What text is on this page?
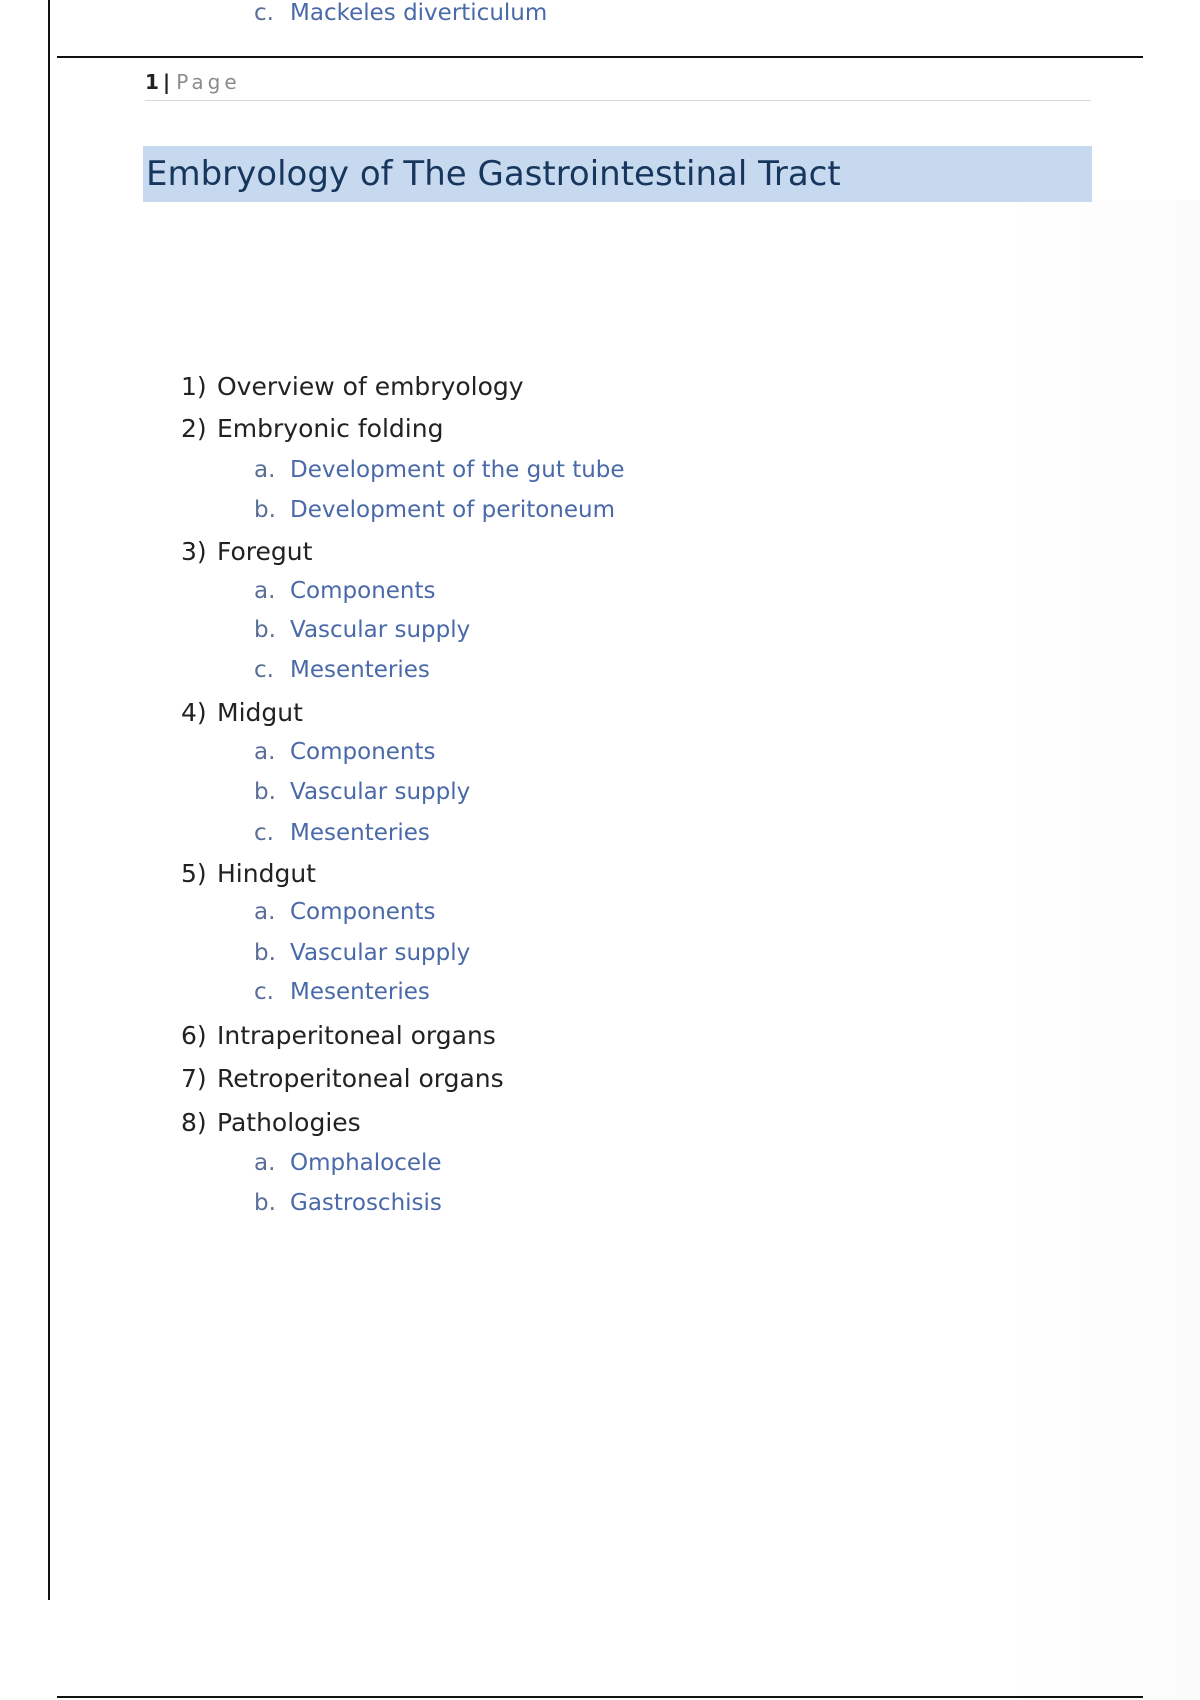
1 | Page
Embryology of The Gastrointestinal Tract
1) Overview of embryology
2) Embryonic folding
a. Development of the gut tube
b. Development of peritoneum
3) Foregut
a. Components
b. Vascular supply
c. Mesenteries
4) Midgut
a. Components
b. Vascular supply
c. Mesenteries
5) Hindgut
a. Components
b. Vascular supply
c. Mesenteries
6) Intraperitoneal organs
7) Retroperitoneal organs
8) Pathologies
a. Omphalocele
b. Gastroschisis
c. Mackeles diverticulum
